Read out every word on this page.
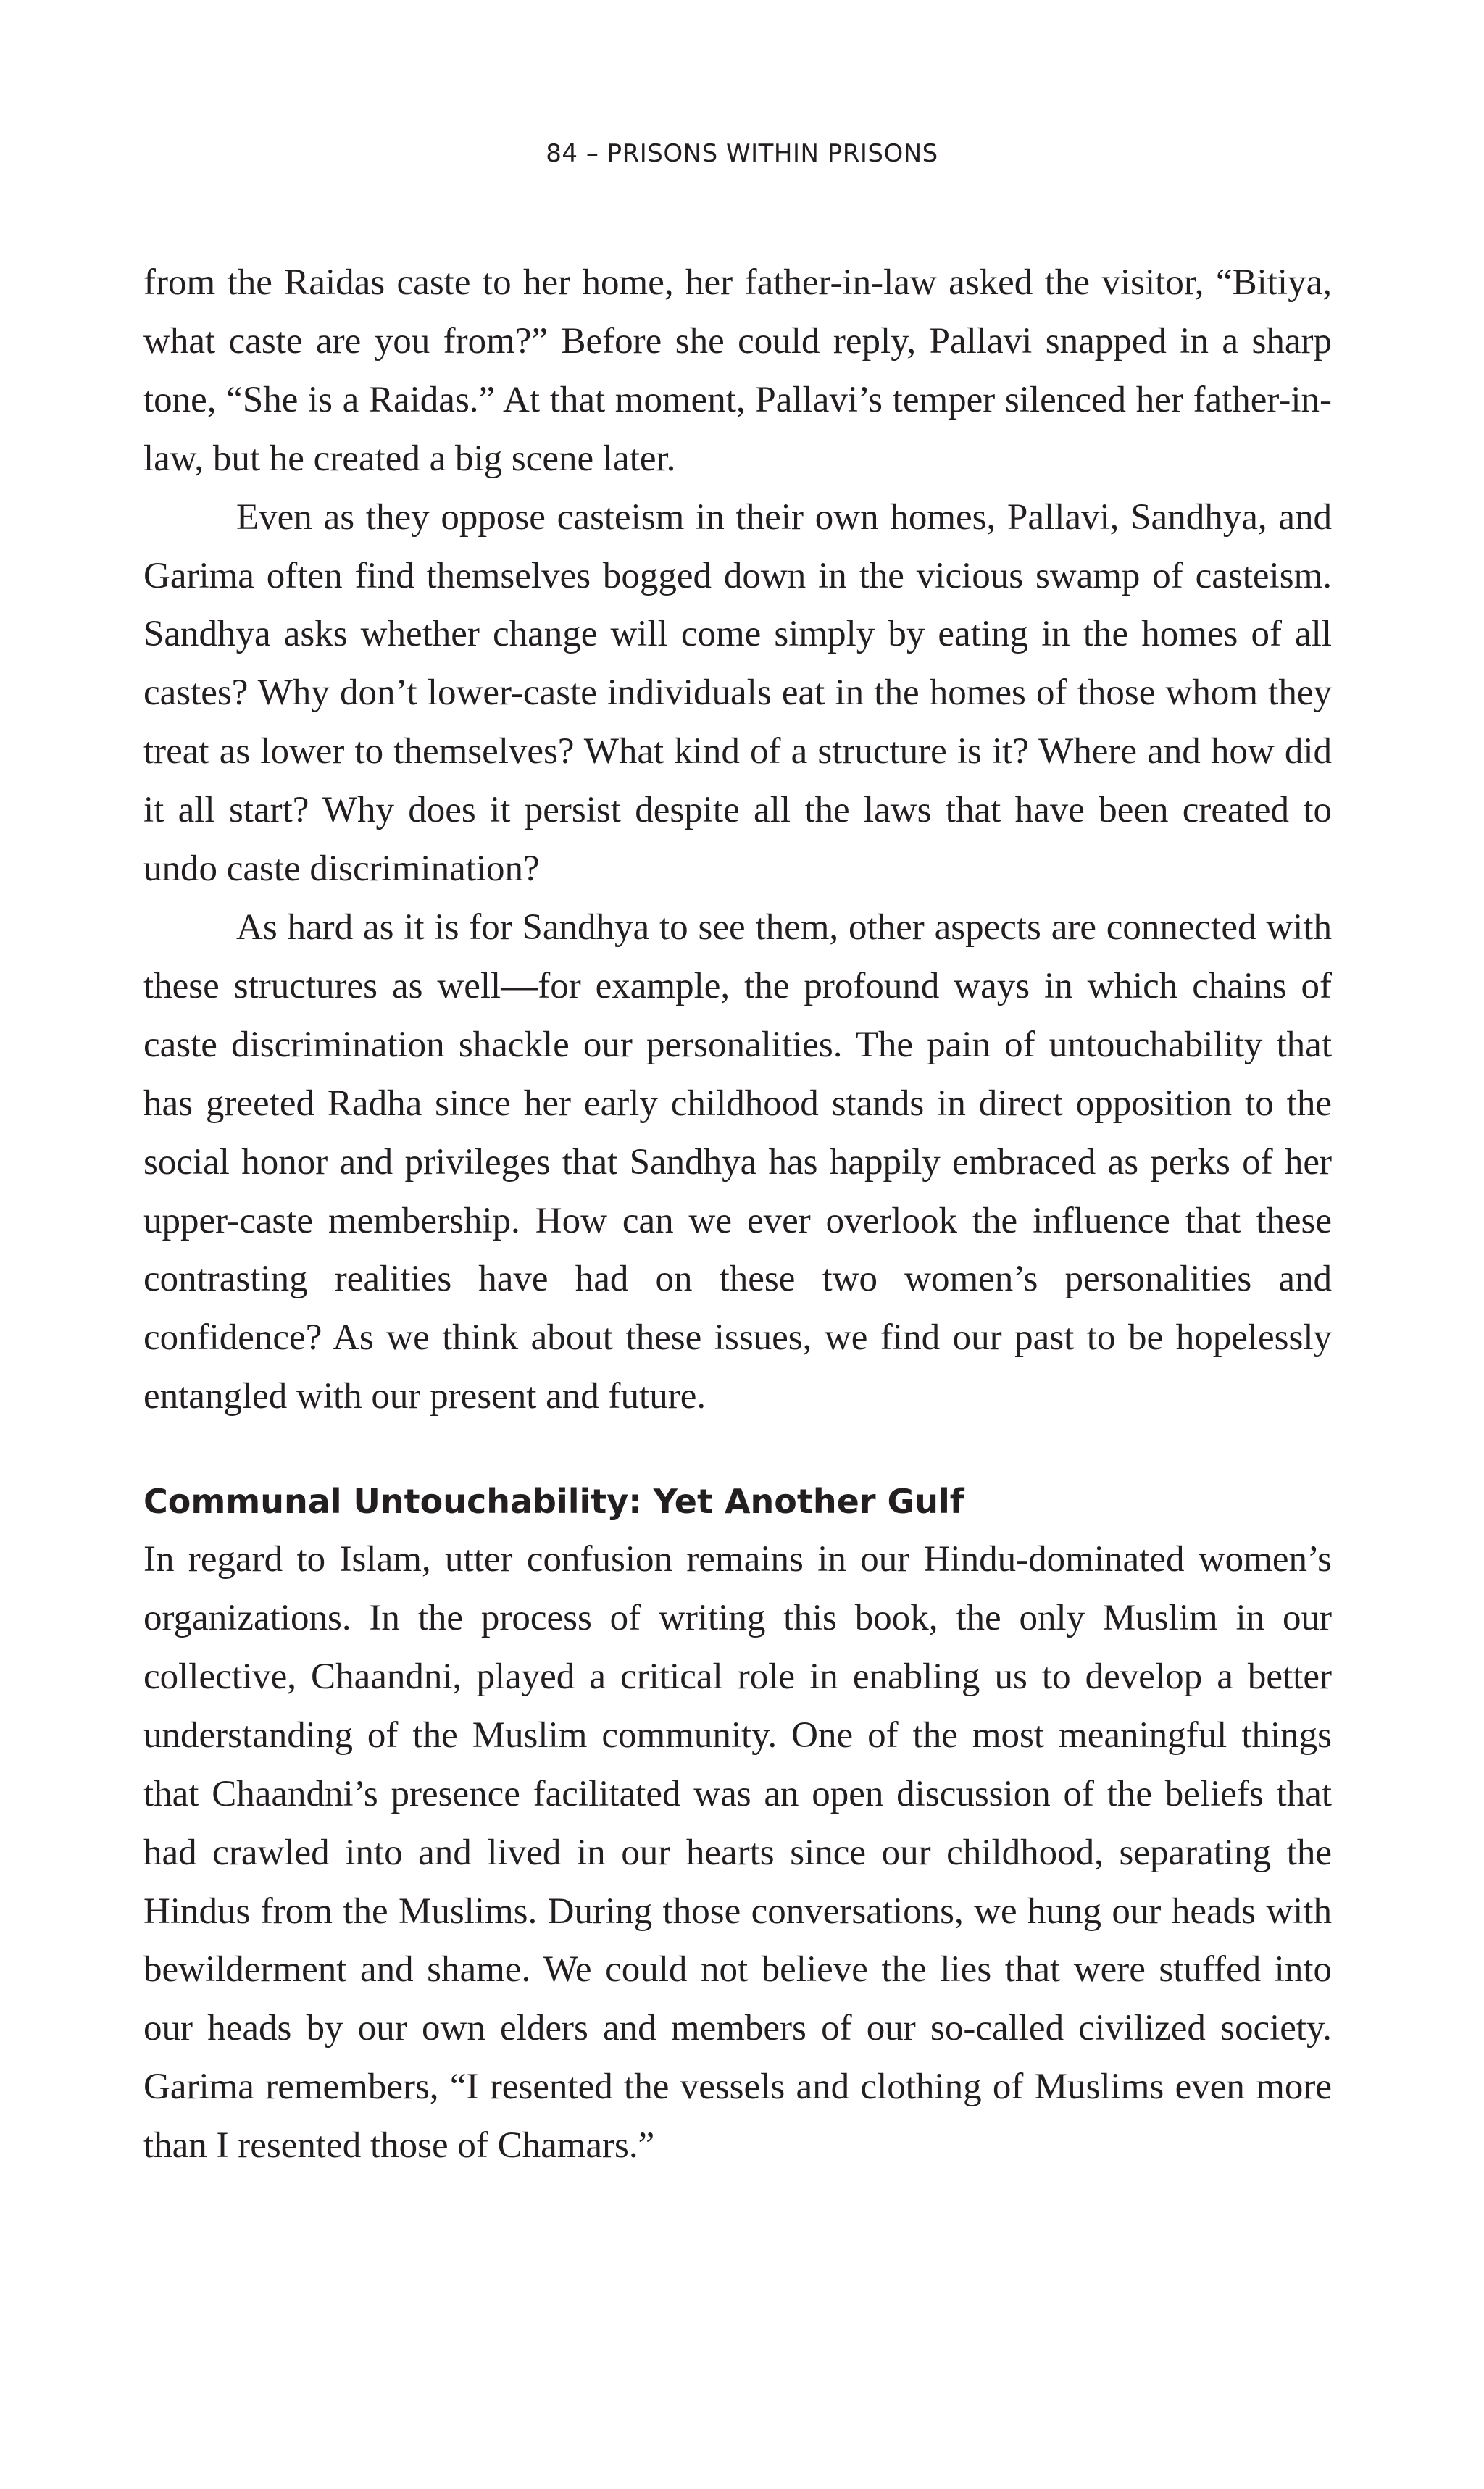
84 – PRISONS WITHIN PRISONS

from the Raidas caste to her home, her father-in-law asked the visitor, “Bitiya, what caste are you from?” Before she could reply, Pallavi snapped in a sharp tone, “She is a Raidas.” At that moment, Pallavi’s temper silenced her father-in-law, but he created a big scene later.

Even as they oppose casteism in their own homes, Pallavi, Sandhya, and Garima often find themselves bogged down in the vicious swamp of casteism. Sandhya asks whether change will come simply by eating in the homes of all castes? Why don’t lower-caste individuals eat in the homes of those whom they treat as lower to themselves? What kind of a structure is it? Where and how did it all start? Why does it persist despite all the laws that have been created to undo caste discrimination?

As hard as it is for Sandhya to see them, other aspects are connected with these structures as well—for example, the profound ways in which chains of caste discrimination shackle our personalities. The pain of untouchability that has greeted Radha since her early childhood stands in direct opposition to the social honor and privileges that Sandhya has happily embraced as perks of her upper-caste membership. How can we ever overlook the influence that these contrasting realities have had on these two women’s personalities and confidence? As we think about these issues, we find our past to be hopelessly entangled with our present and future.

Communal Untouchability: Yet Another Gulf

In regard to Islam, utter confusion remains in our Hindu-dominated women’s organizations. In the process of writing this book, the only Muslim in our collective, Chaandni, played a critical role in enabling us to develop a better understanding of the Muslim community. One of the most meaningful things that Chaandni’s presence facilitated was an open discussion of the beliefs that had crawled into and lived in our hearts since our childhood, separating the Hindus from the Muslims. During those conversations, we hung our heads with bewilderment and shame. We could not believe the lies that were stuffed into our heads by our own elders and members of our so-called civilized society. Garima remembers, “I resented the vessels and clothing of Muslims even more than I resented those of Chamars.”
